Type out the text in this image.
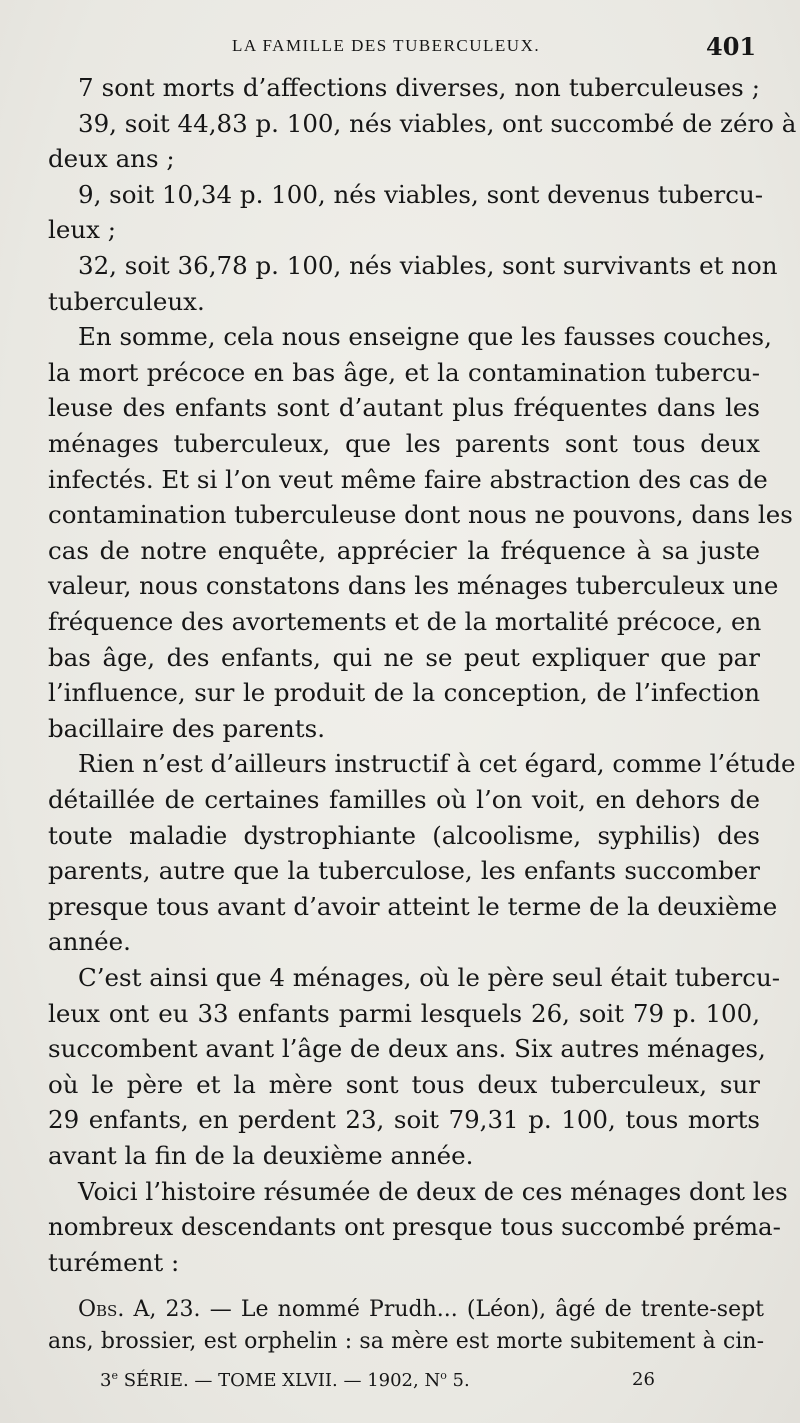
LA FAMILLE DES TUBERCULEUX.	401
7 sont morts d’affections diverses, non tuberculeuses ;
39, soit 44,83 p. 100, nés viables, ont succombé de zéro à
deux ans ;
9, soit 10,34 p. 100, nés viables, sont devenus tubercu-
leux ;
32, soit 36,78 p. 100, nés viables, sont survivants et non
tuberculeux.
En somme, cela nous enseigne que les fausses couches,
la mort précoce en bas âge, et la contamination tubercu-
leuse des enfants sont d’autant plus fréquentes dans les
ménages tuberculeux, que les parents sont tous deux
infectés. Et si l’on veut même faire abstraction des cas de
contamination tuberculeuse dont nous ne pouvons, dans les
cas de notre enquête, apprécier la fréquence à sa juste
valeur, nous constatons dans les ménages tuberculeux une
fréquence des avortements et de la mortalité précoce, en
bas âge, des enfants, qui ne se peut expliquer que par
l’influence, sur le produit de la conception, de l’infection
bacillaire des parents.
Rien n’est d’ailleurs instructif à cet égard, comme l’étude
détaillée de certaines familles où l’on voit, en dehors de
toute maladie dystrophiante (alcoolisme, syphilis) des
parents, autre que la tuberculose, les enfants succomber
presque tous avant d’avoir atteint le terme de la deuxième
année.
C’est ainsi que 4 ménages, où le père seul était tubercu-
leux ont eu 33 enfants parmi lesquels 26, soit 79 p. 100,
succombent avant l’âge de deux ans. Six autres ménages,
où le père et la mère sont tous deux tuberculeux, sur
29 enfants, en perdent 23, soit 79,31 p. 100, tous morts
avant la fin de la deuxième année.
Voici l’histoire résumée de deux de ces ménages dont les
nombreux descendants ont presque tous succombé préma-
turément :
Obs. A, 23. — Le nommé Prudh... (Léon), âgé de trente-sept
ans, brossier, est orphelin : sa mère est morte subitement à cin-
3e SÉRIE. — TOME XLVII. — 1902, $N^o$ 5.	26
